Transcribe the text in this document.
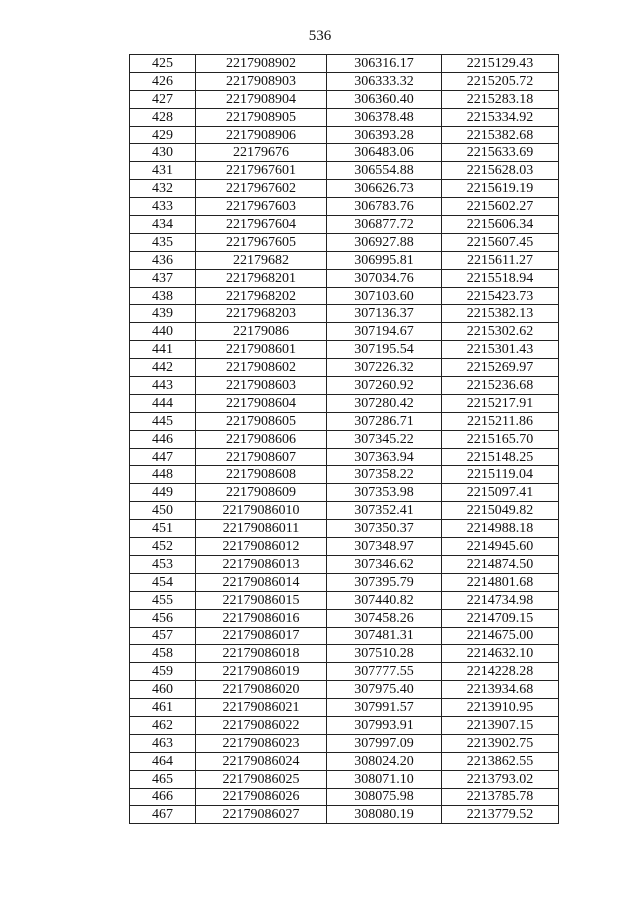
536
425	2217908902	306316.17	2215129.43
426	2217908903	306333.32	2215205.72
427	2217908904	306360.40	2215283.18
428	2217908905	306378.48	2215334.92
429	2217908906	306393.28	2215382.68
430	22179676	306483.06	2215633.69
431	2217967601	306554.88	2215628.03
432	2217967602	306626.73	2215619.19
433	2217967603	306783.76	2215602.27
434	2217967604	306877.72	2215606.34
435	2217967605	306927.88	2215607.45
436	22179682	306995.81	2215611.27
437	2217968201	307034.76	2215518.94
438	2217968202	307103.60	2215423.73
439	2217968203	307136.37	2215382.13
440	22179086	307194.67	2215302.62
441	2217908601	307195.54	2215301.43
442	2217908602	307226.32	2215269.97
443	2217908603	307260.92	2215236.68
444	2217908604	307280.42	2215217.91
445	2217908605	307286.71	2215211.86
446	2217908606	307345.22	2215165.70
447	2217908607	307363.94	2215148.25
448	2217908608	307358.22	2215119.04
449	2217908609	307353.98	2215097.41
450	22179086010	307352.41	2215049.82
451	22179086011	307350.37	2214988.18
452	22179086012	307348.97	2214945.60
453	22179086013	307346.62	2214874.50
454	22179086014	307395.79	2214801.68
455	22179086015	307440.82	2214734.98
456	22179086016	307458.26	2214709.15
457	22179086017	307481.31	2214675.00
458	22179086018	307510.28	2214632.10
459	22179086019	307777.55	2214228.28
460	22179086020	307975.40	2213934.68
461	22179086021	307991.57	2213910.95
462	22179086022	307993.91	2213907.15
463	22179086023	307997.09	2213902.75
464	22179086024	308024.20	2213862.55
465	22179086025	308071.10	2213793.02
466	22179086026	308075.98	2213785.78
467	22179086027	308080.19	2213779.52
